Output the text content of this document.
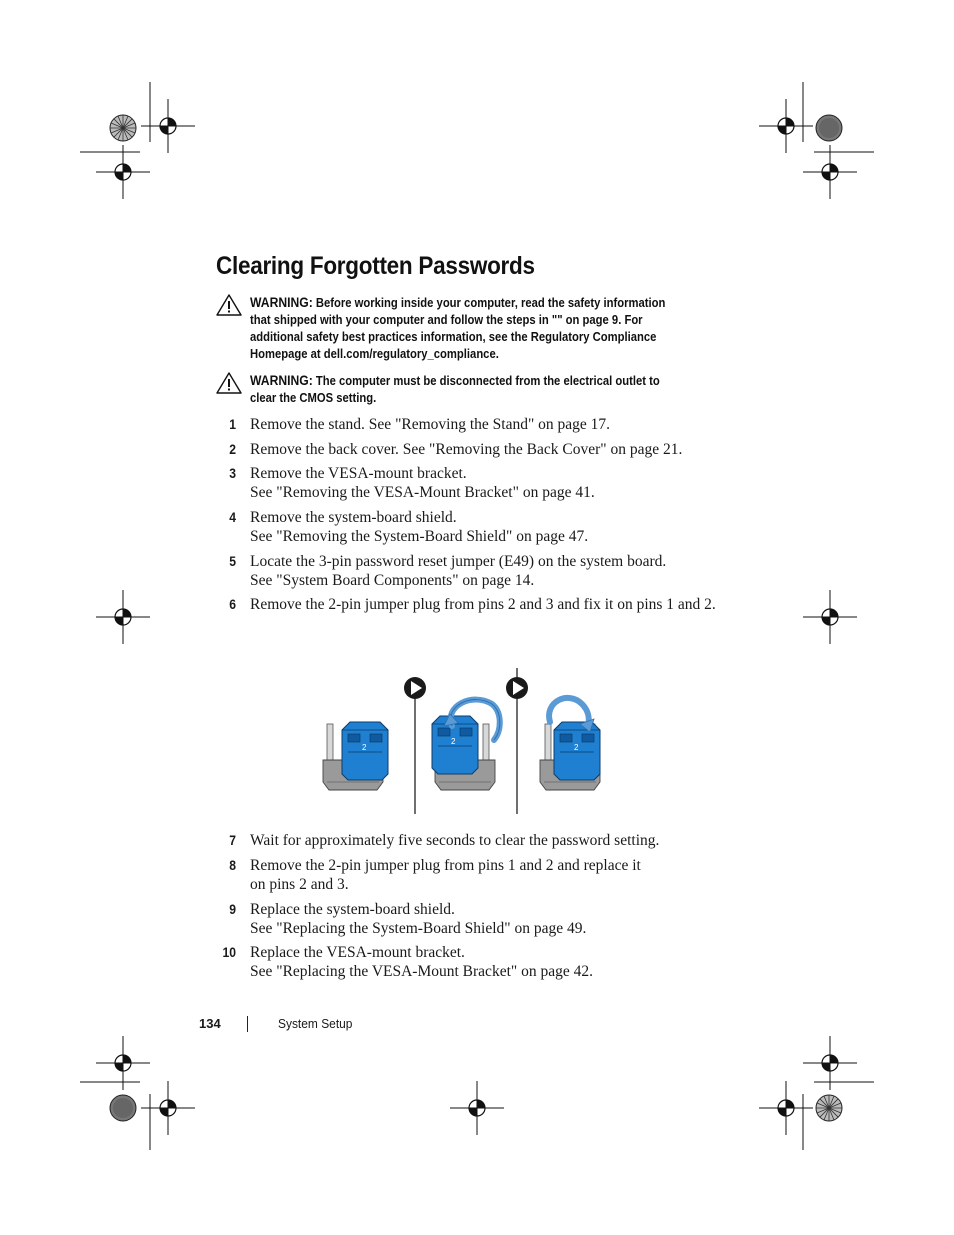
Clearing Forgotten Passwords
WARNING: Before working inside your computer, read the safety information
that shipped with your computer and follow the steps in "" on page 9. For
additional safety best practices information, see the Regulatory Compliance
Homepage at dell.com/regulatory_compliance.
WARNING: The computer must be disconnected from the electrical outlet to
clear the CMOS setting.
1 Remove the stand. See "Removing the Stand" on page 17.
2 Remove the back cover. See "Removing the Back Cover" on page 21.
3 Remove the VESA-mount bracket.
See "Removing the VESA-Mount Bracket" on page 41.
4 Remove the system-board shield.
See "Removing the System-Board Shield" on page 47.
5 Locate the 3-pin password reset jumper (E49) on the system board.
See "System Board Components" on page 14.
6 Remove the 2-pin jumper plug from pins 2 and 3 and fix it on pins 1 and 2.
2
2
2
7 Wait for approximately five seconds to clear the password setting.
8 Remove the 2-pin jumper plug from pins 1 and 2 and replace it
on pins 2 and 3.
9 Replace the system-board shield.
See "Replacing the System-Board Shield" on page 49.
10 Replace the VESA-mount bracket.
See "Replacing the VESA-Mount Bracket" on page 42.
134	System Setup
